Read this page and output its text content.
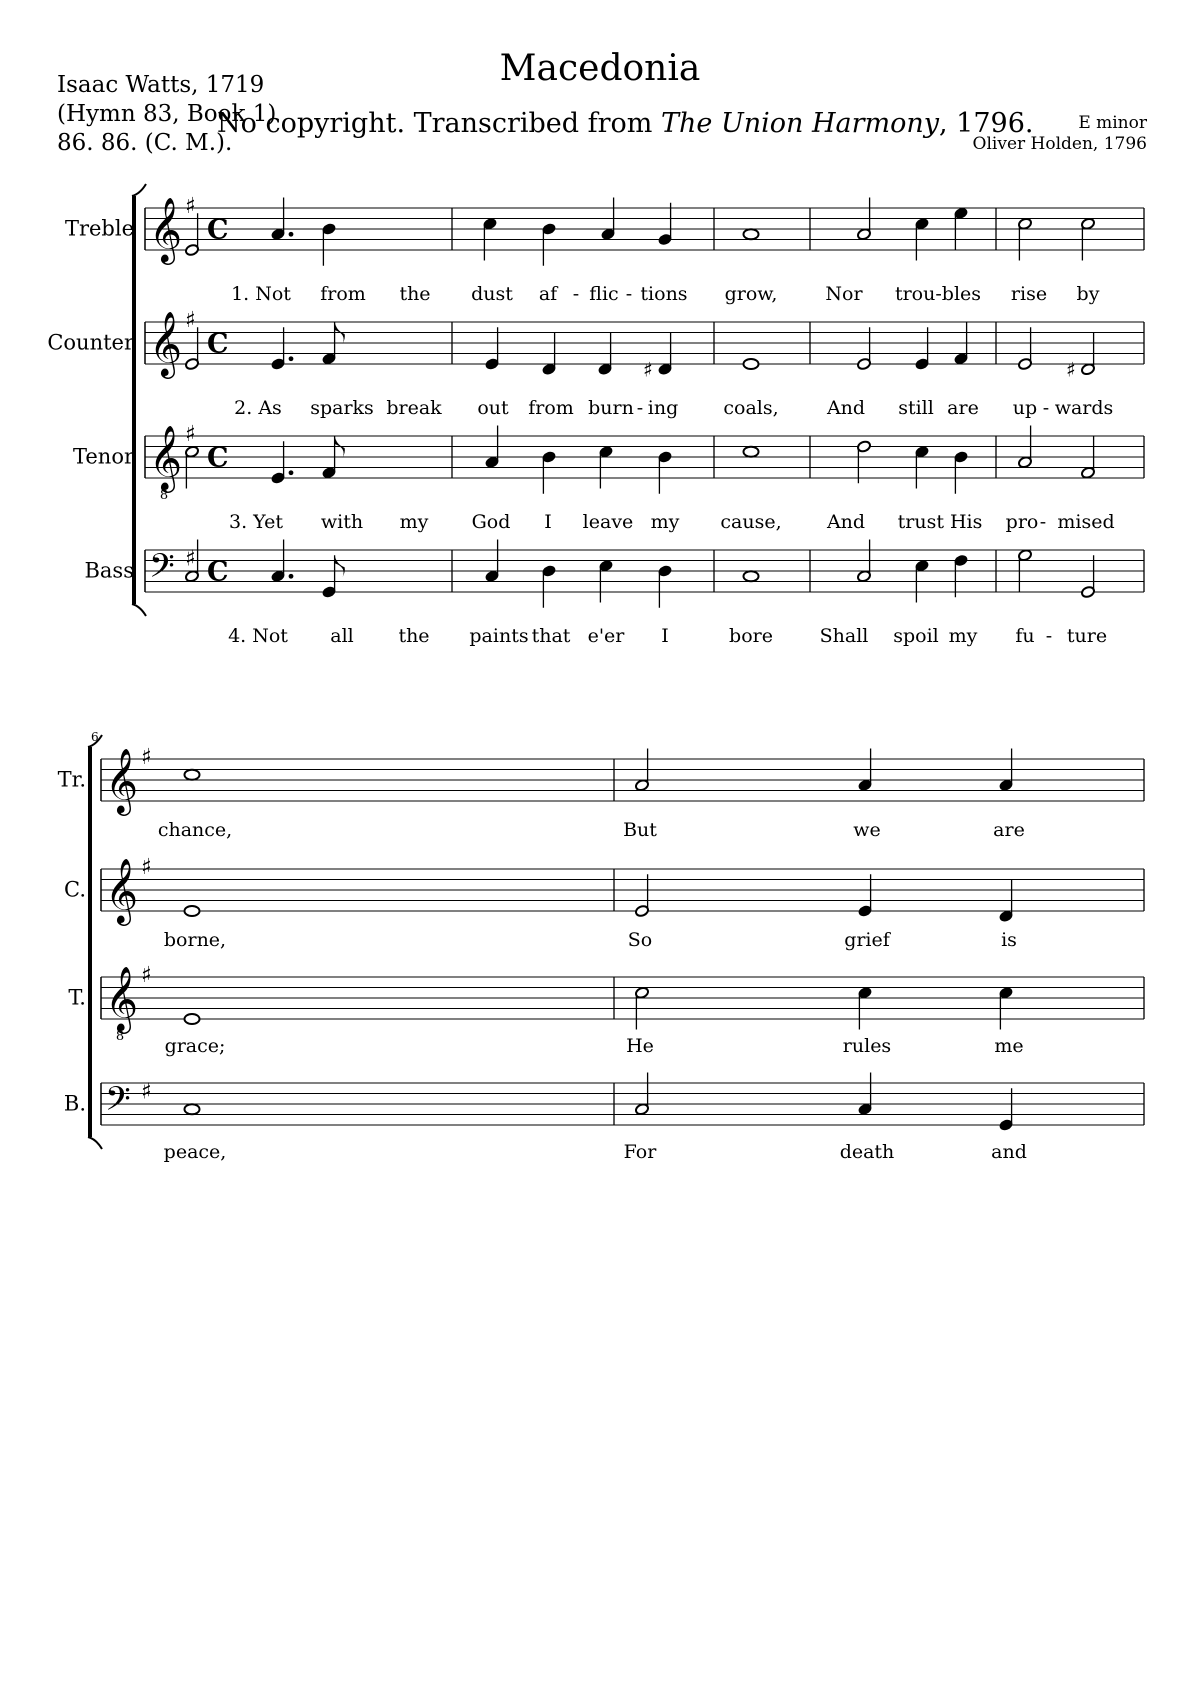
Macedonia
Isaac Watts, 1719
(Hymn 83, Book 1)
86. 86. (C. M.).
No copyright. Transcribed from The Union Harmony, 1796.	E minor
Oliver Holden, 1796
Treble 𝄞 ♯
C
1. Not from the dust af - flic - tions grow,	Nor trou-bles rise by
Counter 𝄞 ♯
C
♯	♯
2. As sparks break out from burn - ing coals,	And still are up - wards
Tenor 𝄞
8
♯
C
3. Yet with my God I leave my cause, And trust His pro - mised
Bass 𝄢 ♯ C
4. Not all the paints that e'er I	bore Shall spoil my fu - ture
6
Tr. 𝄞 ♯
chance,	But	we	are
C. 𝄞 ♯
borne,	So	grief	is
T. 𝄞
8
♯
grace;	He	rules	me
B. 𝄢 ♯
peace,	For	death	and
